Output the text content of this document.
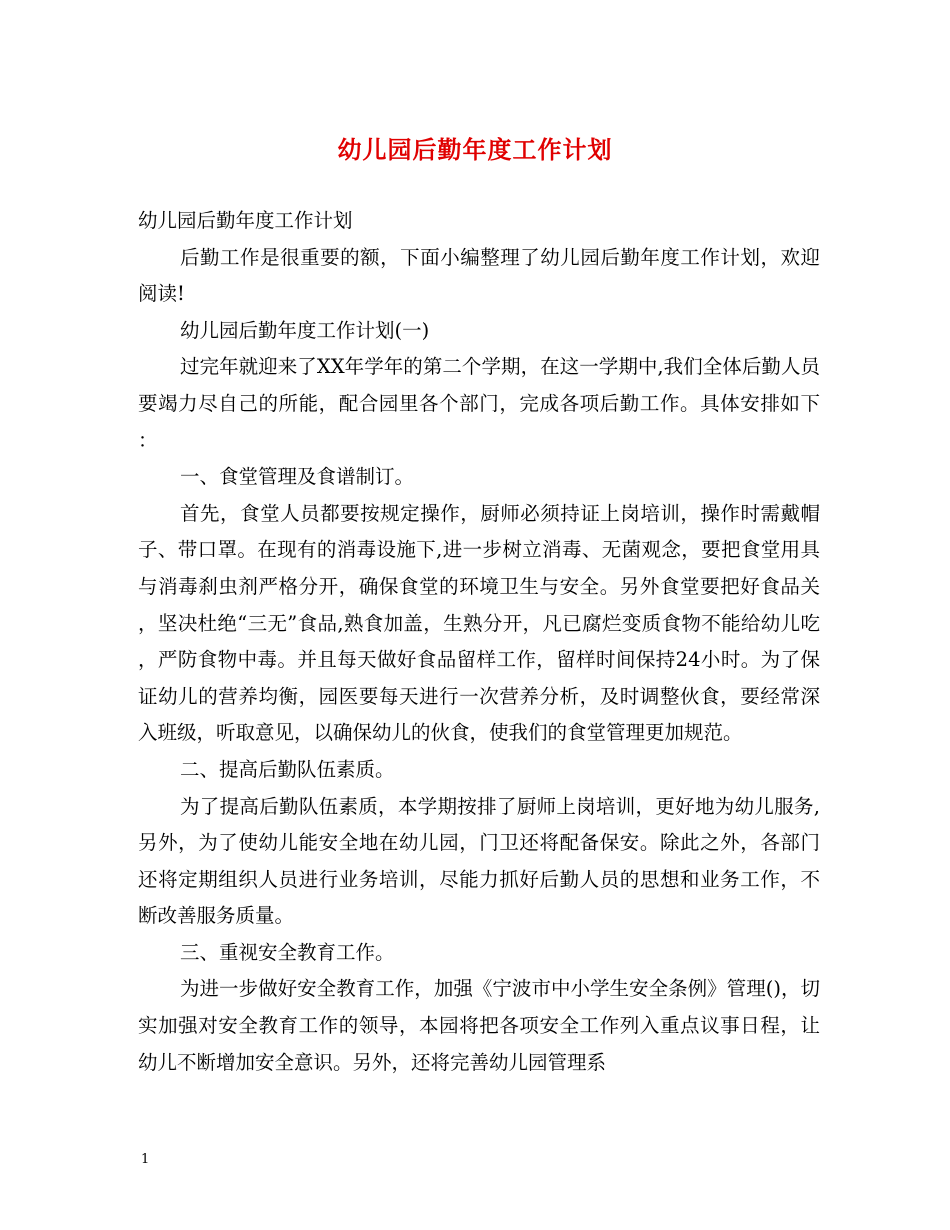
幼儿园后勤年度工作计划

幼儿园后勤年度工作计划

后勤工作是很重要的额，下面小编整理了幼儿园后勤年度工作计划，欢迎阅读!

幼儿园后勤年度工作计划(一)

过完年就迎来了XX年学年的第二个学期，在这一学期中,我们全体后勤人员要竭力尽自己的所能，配合园里各个部门，完成各项后勤工作。具体安排如下：

一、食堂管理及食谱制订。

首先，食堂人员都要按规定操作，厨师必须持证上岗培训，操作时需戴帽子、带口罩。在现有的消毒设施下,进一步树立消毒、无菌观念，要把食堂用具与消毒刹虫剂严格分开，确保食堂的环境卫生与安全。另外食堂要把好食品关，坚决杜绝“三无”食品,熟食加盖，生熟分开，凡已腐烂变质食物不能给幼儿吃，严防食物中毒。并且每天做好食品留样工作，留样时间保持24小时。为了保证幼儿的营养均衡，园医要每天进行一次营养分析，及时调整伙食，要经常深入班级，听取意见，以确保幼儿的伙食，使我们的食堂管理更加规范。

二、提高后勤队伍素质。

为了提高后勤队伍素质，本学期按排了厨师上岗培训，更好地为幼儿服务,另外，为了使幼儿能安全地在幼儿园，门卫还将配备保安。除此之外，各部门还将定期组织人员进行业务培训，尽能力抓好后勤人员的思想和业务工作，不断改善服务质量。

三、重视安全教育工作。

为进一步做好安全教育工作，加强《宁波市中小学生安全条例》管理()，切实加强对安全教育工作的领导，本园将把各项安全工作列入重点议事日程，让幼儿不断增加安全意识。另外，还将完善幼儿园管理系

1
